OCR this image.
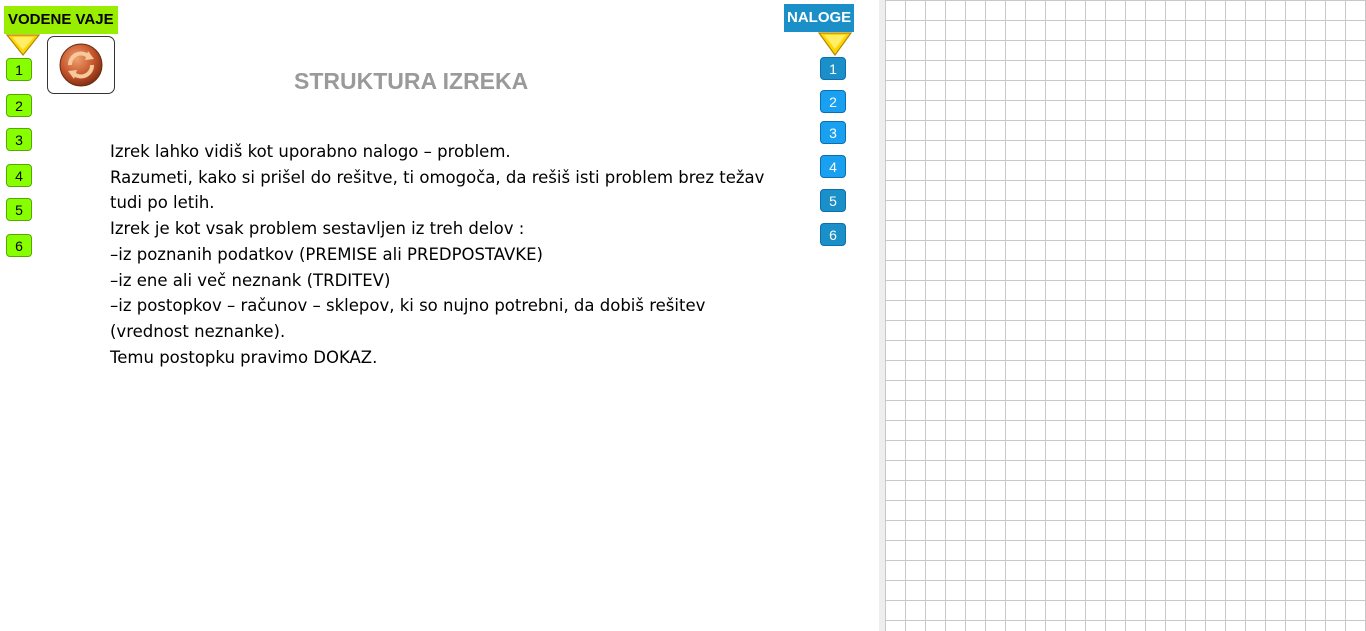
VODENE VAJE
1
2
3
4
5
6
STRUKTURA IZREKA
Izrek lahko vidiš kot uporabno nalogo – problem.
Razumeti, kako si prišel do rešitve, ti omogoča, da rešiš isti problem brez težav
tudi po letih.
Izrek je kot vsak problem sestavljen iz treh delov :
–iz poznanih podatkov (PREMISE ali PREDPOSTAVKE)
–iz ene ali več neznank (TRDITEV)
–iz postopkov – računov – sklepov, ki so nujno potrebni, da dobiš rešitev
(vrednost neznanke).
Temu postopku pravimo DOKAZ.
NALOGE
1
2
3
4
5
6
